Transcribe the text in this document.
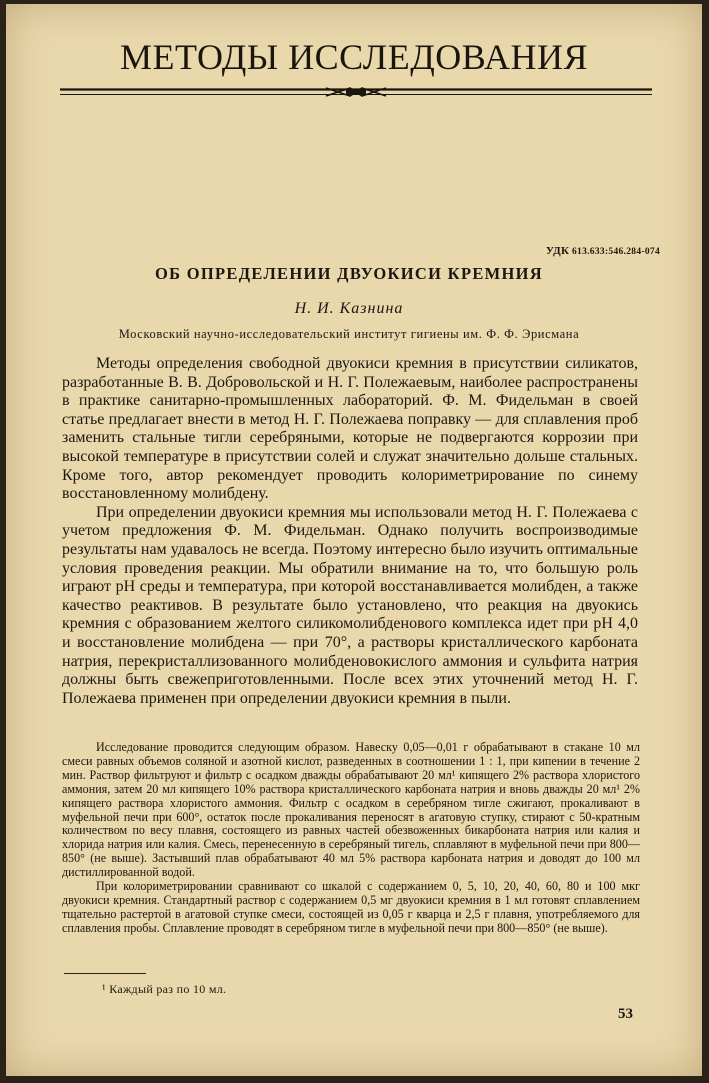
МЕТОДЫ ИССЛЕДОВАНИЯ
УДК 613.633:546.284-074
ОБ ОПРЕДЕЛЕНИИ ДВУОКИСИ КРЕМНИЯ
Н. И. Казнина
Московский научно-исследовательский институт гигиены им. Ф. Ф. Эрисмана

Методы определения свободной двуокиси кремния в присутствии силикатов, разработанные В. В. Добровольской и Н. Г. Полежаевым, наиболее распространены в практике санитарно-промышленных лабораторий. Ф. М. Фидельман в своей статье предлагает внести в метод Н. Г. Полежаева поправку — для сплавления проб заменить стальные тигли серебряными, которые не подвергаются коррозии при высокой температуре в присутствии солей и служат значительно дольше стальных. Кроме того, автор рекомендует проводить колориметрирование по синему восстановленному молибдену.

При определении двуокиси кремния мы использовали метод Н. Г. Полежаева с учетом предложения Ф. М. Фидельман. Однако получить воспроизводимые результаты нам удавалось не всегда. Поэтому интересно было изучить оптимальные условия проведения реакции. Мы обратили внимание на то, что большую роль играют pH среды и температура, при которой восстанавливается молибден, а также качество реактивов. В результате было установлено, что реакция на двуокись кремния с образованием желтого силикомолибденового комплекса идет при pH 4,0 и восстановление молибдена — при 70°, а растворы кристаллического карбоната натрия, перекристаллизованного молибденовокислого аммония и сульфита натрия должны быть свежеприготовленными. После всех этих уточнений метод Н. Г. Полежаева применен при определении двуокиси кремния в пыли.

Исследование проводится следующим образом. Навеску 0,05—0,01 г обрабатывают в стакане 10 мл смеси равных объемов соляной и азотной кислот, разведенных в соотношении 1 : 1, при кипении в течение 2 мин. Раствор фильтруют и фильтр с осадком дважды обрабатывают 20 мл¹ кипящего 2% раствора хлористого аммония, затем 20 мл кипящего 10% раствора кристаллического карбоната натрия и вновь дважды 20 мл¹ 2% кипящего раствора хлористого аммония. Фильтр с осадком в серебряном тигле сжигают, прокаливают в муфельной печи при 600°, остаток после прокаливания переносят в агатовую ступку, стирают с 50-кратным количеством по весу плавня, состоящего из равных частей обезвоженных бикарбоната натрия или калия и хлорида натрия или калия. Смесь, перенесенную в серебряный тигель, сплавляют в муфельной печи при 800—850° (не выше). Застывший плав обрабатывают 40 мл 5% раствора карбоната натрия и доводят до 100 мл дистиллированной водой.

При колориметрировании сравнивают со шкалой с содержанием 0, 5, 10, 20, 40, 60, 80 и 100 мкг двуокиси кремния. Стандартный раствор с содержанием 0,5 мг двуокиси кремния в 1 мл готовят сплавлением тщательно растертой в агатовой ступке смеси, состоящей из 0,05 г кварца и 2,5 г плавня, употребляемого для сплавления пробы. Сплавление проводят в серебряном тигле в муфельной печи при 800—850° (не выше).

¹ Каждый раз по 10 мл.
53
